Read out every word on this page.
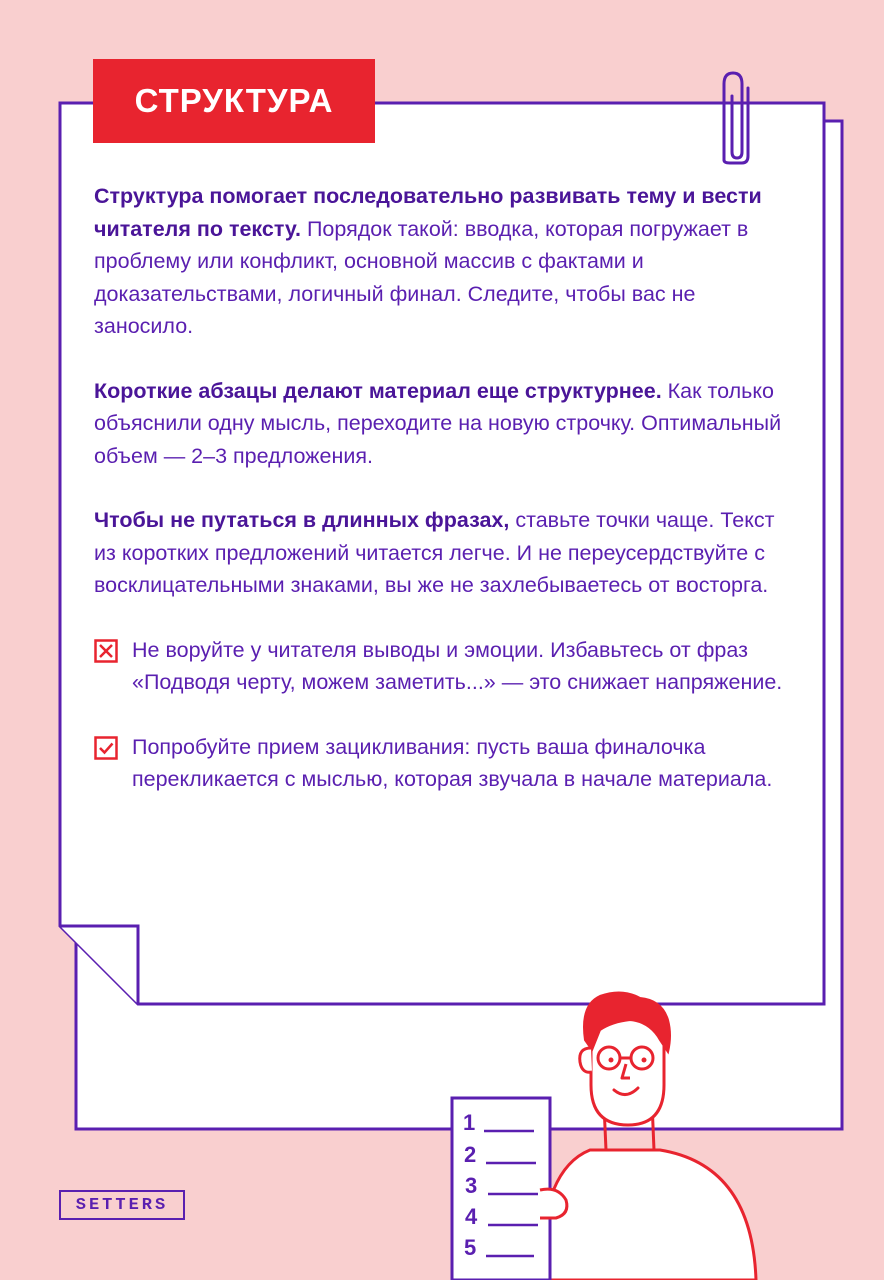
1
2
3
4
5
СТРУКТУРА

Структура помогает последовательно развивать тему и вести читателя по тексту. Порядок такой: вводка, которая погружает в проблему или конфликт, основной массив с фактами и доказательствами, логичный финал. Следите, чтобы вас не заносило.

Короткие абзацы делают материал еще структурнее. Как только объяснили одну мысль, переходите на новую строчку. Оптимальный объем — 2–3 предложения.

Чтобы не путаться в длинных фразах, ставьте точки чаще. Текст из коротких предложений читается легче. И не переусердствуйте с восклицательными знаками, вы же не захлебываетесь от восторга.

Не воруйте у читателя выводы и эмоции. Избавьтесь от фраз «Подводя черту, можем заметить...» — это снижает напряжение.
Попробуйте прием зацикливания: пусть ваша финалочка перекликается с мыслью, которая звучала в начале материала.
SETTERS
